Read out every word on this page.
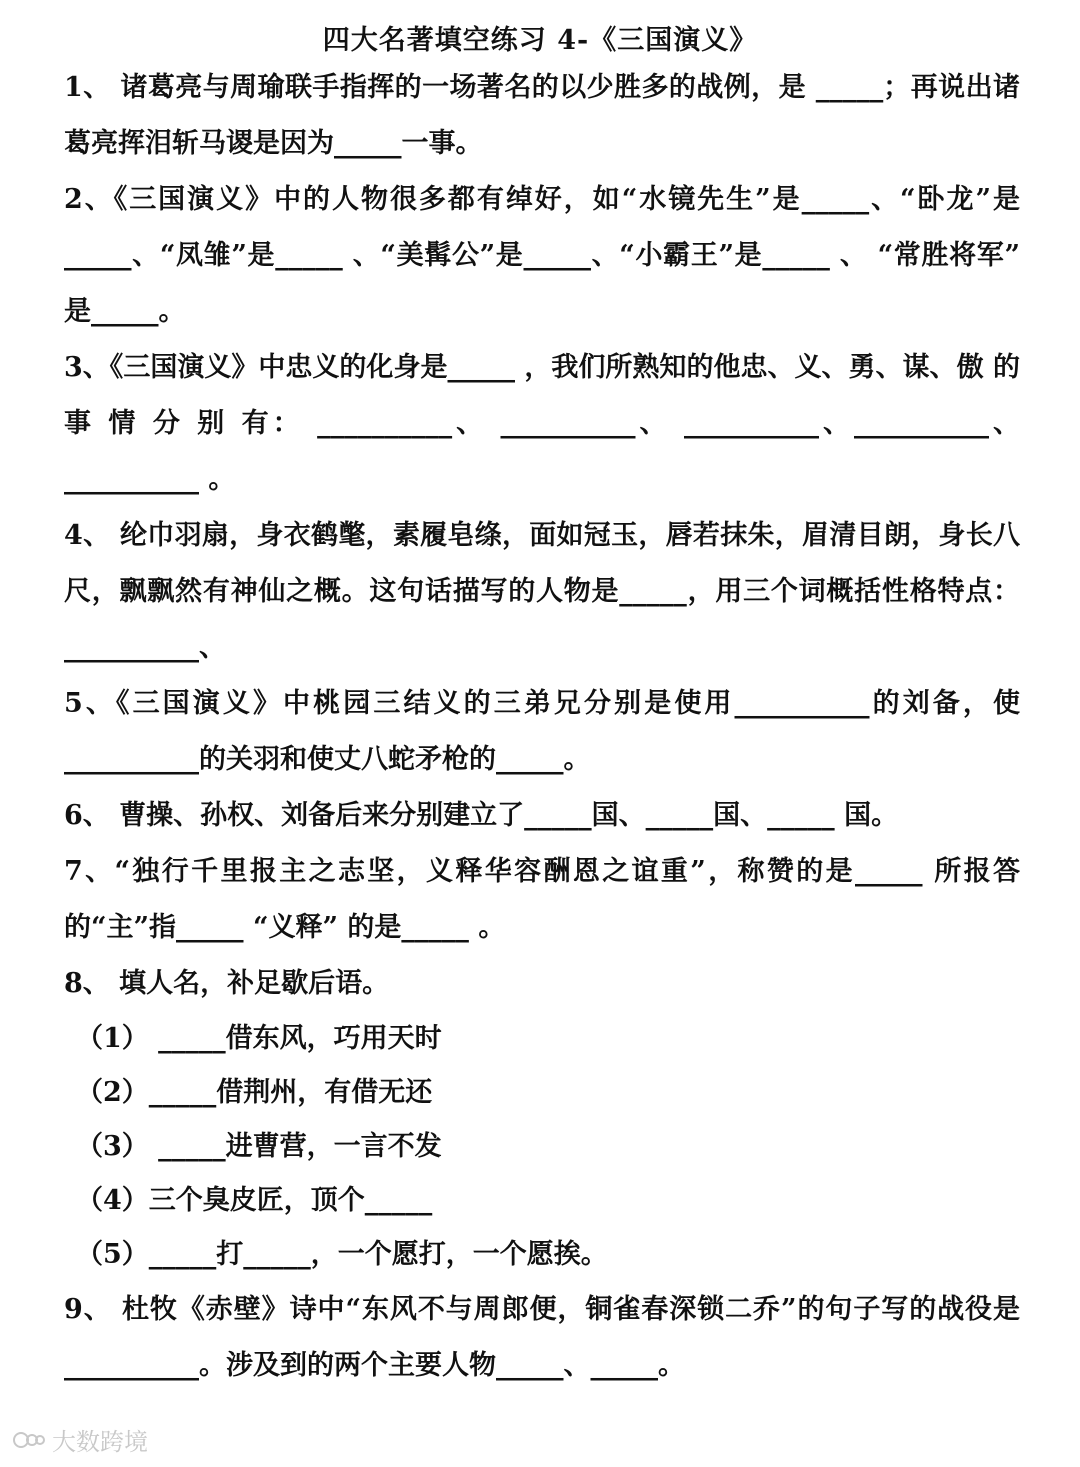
四大名著填空练习 4-《三国演义》

1、 诸葛亮与周瑜联手指挥的一场著名的以少胜多的战例，是 _____；再说出诸葛亮挥泪斩马谡是因为_____一事。

2、《三国演义》中的人物很多都有绰好，如“水镜先生”是_____、“卧龙”是_____、“凤雏”是_____ 、“美髯公”是_____、“小霸王”是_____ 、 “常胜将军” 是_____。

3、《三国演义》中忠义的化身是_____ ，我们所熟知的他忠、义、勇、谋、傲 的 事 情 分 别 有： __________、 __________、 __________、__________、__________ 。

4、 纶巾羽扇，身衣鹤氅，素履皂绦，面如冠玉，唇若抹朱，眉清目朗，身长八尺，飘飘然有神仙之概。这句话描写的人物是_____，用三个词概括性格特点：__________、

5、《三国演义》中桃园三结义的三弟兄分别是使用__________的刘备，使__________的关羽和使丈八蛇矛枪的_____。

6、 曹操、孙权、刘备后来分别建立了_____国、_____国、_____ 国。

7、“独行千里报主之志坚，义释华容酬恩之谊重”，称赞的是_____ 所报答的“主”指_____ “义释” 的是_____ 。

8、 填人名，补足歇后语。

（1） _____借东风，巧用天时

（2）_____借荆州，有借无还

（3） _____进曹营，一言不发

（4）三个臭皮匠，顶个_____

（5）_____打_____，一个愿打，一个愿挨。

9、 杜牧《赤壁》诗中“东风不与周郎便，铜雀春深锁二乔”的句子写的战役是__________。涉及到的两个主要人物_____、_____。

大数跨境
